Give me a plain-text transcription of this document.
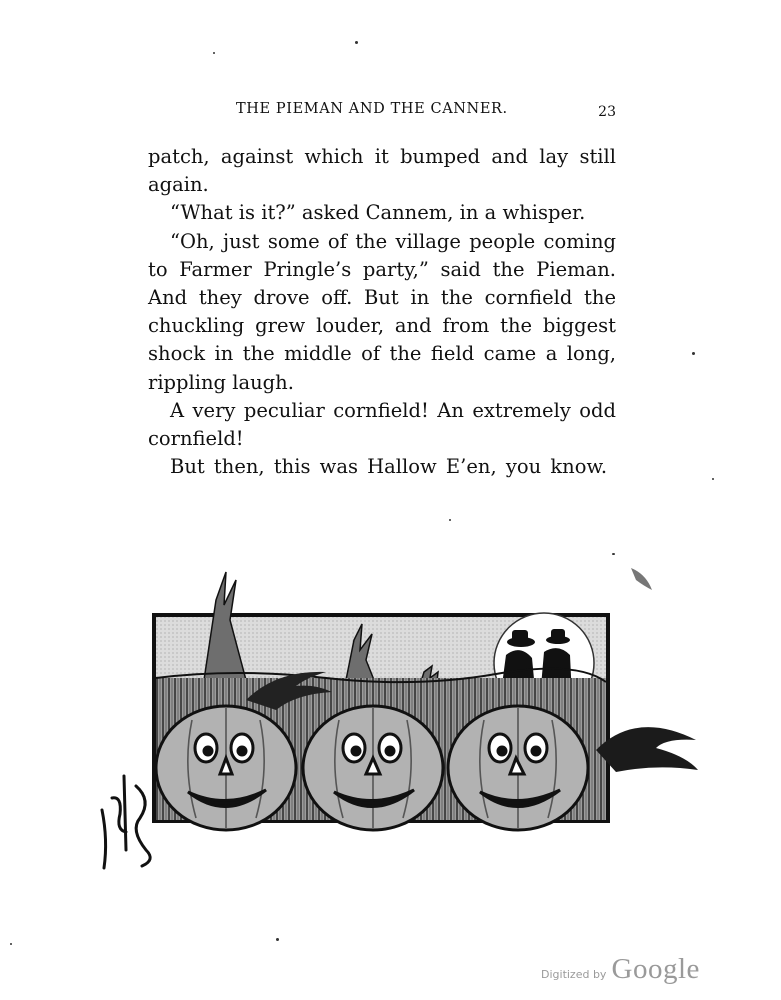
THE PIEMAN AND THE CANNER.	23

patch, against which it bumped and lay still again.

“What is it?” asked Cannem, in a whisper.

“Oh, just some of the village people coming to Farmer Pringle’s party,” said the Pieman. And they drove off. But in the cornfield the chuckling grew louder, and from the biggest shock in the middle of the field came a long, rippling laugh.

A very peculiar cornfield! An extremely odd cornfield!

But then, this was Hallow E’en, you know.

Digitized by Google
